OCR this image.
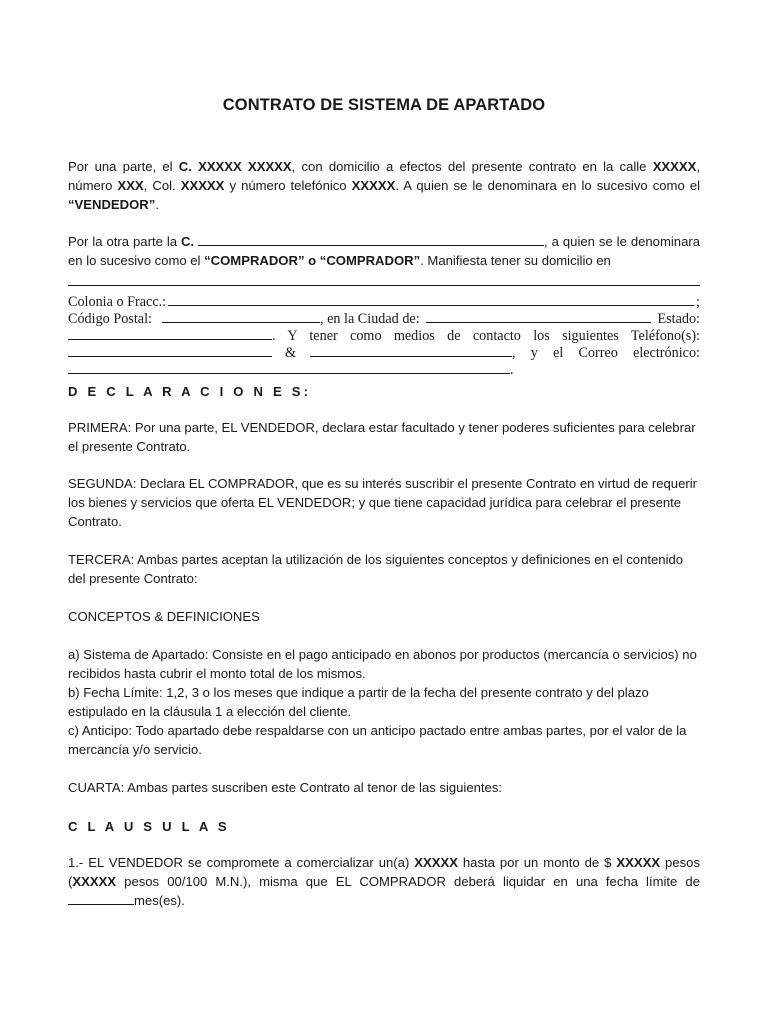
CONTRATO DE SISTEMA DE APARTADO
Por una parte, el C. XXXXX XXXXX, con domicilio a efectos del presente contrato en la calle XXXXX, número XXX, Col. XXXXX y número telefónico XXXXX. A quien se le denominara en lo sucesivo como el “VENDEDOR”.
Por la otra parte la C.	, a quien se le denominara en lo sucesivo como el “COMPRADOR” o “COMPRADOR”. Manifiesta tener su domicilio en
Colonia o Fracc.:	;
Código Postal:	, en la Ciudad de:	Estado:
. Y tener como medios de contacto los siguientes Teléfono(s):
&	, y el Correo electrónico:
.
D E C L A R A C I O N E S:
PRIMERA: Por una parte, EL VENDEDOR, declara estar facultado y tener poderes suficientes para celebrar el presente Contrato.
SEGUNDA: Declara EL COMPRADOR, que es su interés suscribir el presente Contrato en virtud de requerir los bienes y servicios que oferta EL VENDEDOR; y que tiene capacidad jurídica para celebrar el presente Contrato.
TERCERA: Ambas partes aceptan la utilización de los siguientes conceptos y definiciones en el contenido del presente Contrato:
CONCEPTOS & DEFINICIONES
a) Sistema de Apartado: Consiste en el pago anticipado en abonos por productos (mercancía o servicios) no recibidos hasta cubrir el monto total de los mismos.
b) Fecha Límite: 1,2, 3 o los meses que indique a partir de la fecha del presente contrato y del plazo estipulado en la cláusula 1 a elección del cliente.
c) Anticipo: Todo apartado debe respaldarse con un anticipo pactado entre ambas partes, por el valor de la mercancía y/o servicio.
CUARTA: Ambas partes suscriben este Contrato al tenor de las siguientes:
C L A U S U L A S
1.- EL VENDEDOR se compromete a comercializar un(a) XXXXX hasta por un monto de $ XXXXX pesos (XXXXX pesos 00/100 M.N.), misma que EL COMPRADOR deberá liquidar en una fecha límite de mes(es).
